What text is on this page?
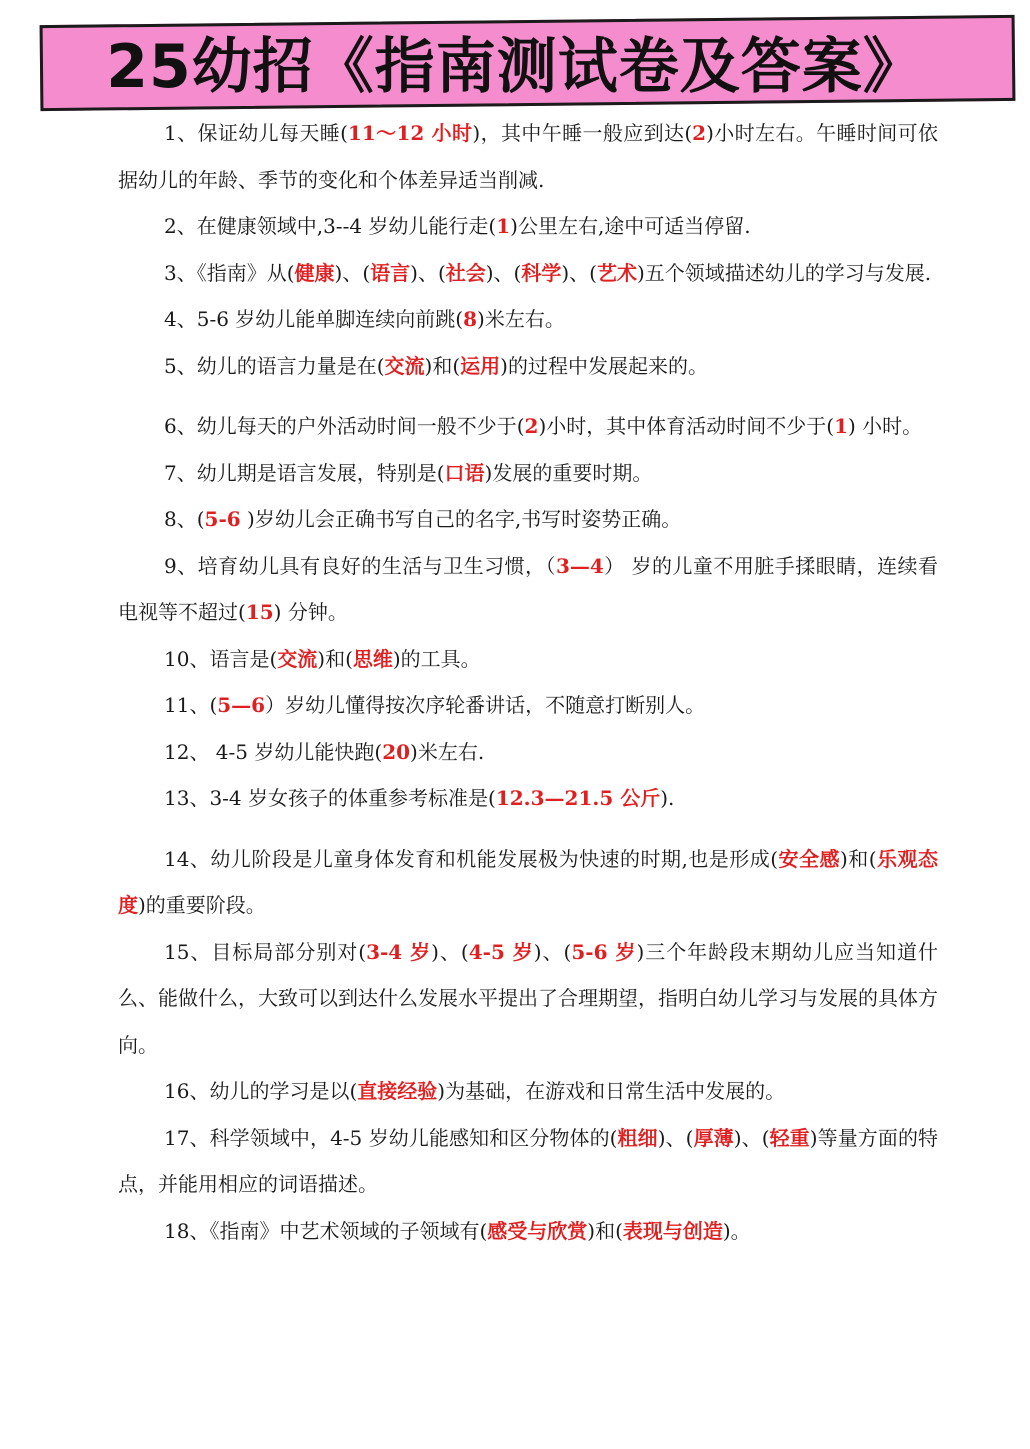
25幼招《指南测试卷及答案》

1、保证幼儿每天睡(11～12 小时)，其中午睡一般应到达(2)小时左右。午睡时间可依据幼儿的年龄、季节的变化和个体差异适当削减.

2、在健康领域中,3--4 岁幼儿能行走(1)公里左右,途中可适当停留.

3、《指南》从(健康)、(语言)、(社会)、(科学)、(艺术)五个领域描述幼儿的学习与发展.

4、5-6 岁幼儿能单脚连续向前跳(8)米左右。

5、幼儿的语言力量是在(交流)和(运用)的过程中发展起来的。

6、幼儿每天的户外活动时间一般不少于(2)小时，其中体育活动时间不少于(1) 小时。

7、幼儿期是语言发展，特别是(口语)发展的重要时期。

8、(5-6 )岁幼儿会正确书写自己的名字,书写时姿势正确。

9、培育幼儿具有良好的生活与卫生习惯，（3—4） 岁的儿童不用脏手揉眼睛，连续看电视等不超过(15) 分钟。

10、语言是(交流)和(思维)的工具。

11、(5—6）岁幼儿懂得按次序轮番讲话，不随意打断别人。

12、 4-5 岁幼儿能快跑(20)米左右.

13、3-4 岁女孩子的体重参考标准是(12.3—21.5 公斤).

14、幼儿阶段是儿童身体发育和机能发展极为快速的时期,也是形成(安全感)和(乐观态度)的重要阶段。

15、目标局部分别对(3-4 岁)、(4-5 岁)、(5-6 岁)三个年龄段末期幼儿应当知道什么、能做什么，大致可以到达什么发展水平提出了合理期望，指明白幼儿学习与发展的具体方向。

16、幼儿的学习是以(直接经验)为基础，在游戏和日常生活中发展的。

17、科学领域中，4-5 岁幼儿能感知和区分物体的(粗细)、(厚薄)、(轻重)等量方面的特点，并能用相应的词语描述。

18、《指南》中艺术领域的子领域有(感受与欣赏)和(表现与创造)。
